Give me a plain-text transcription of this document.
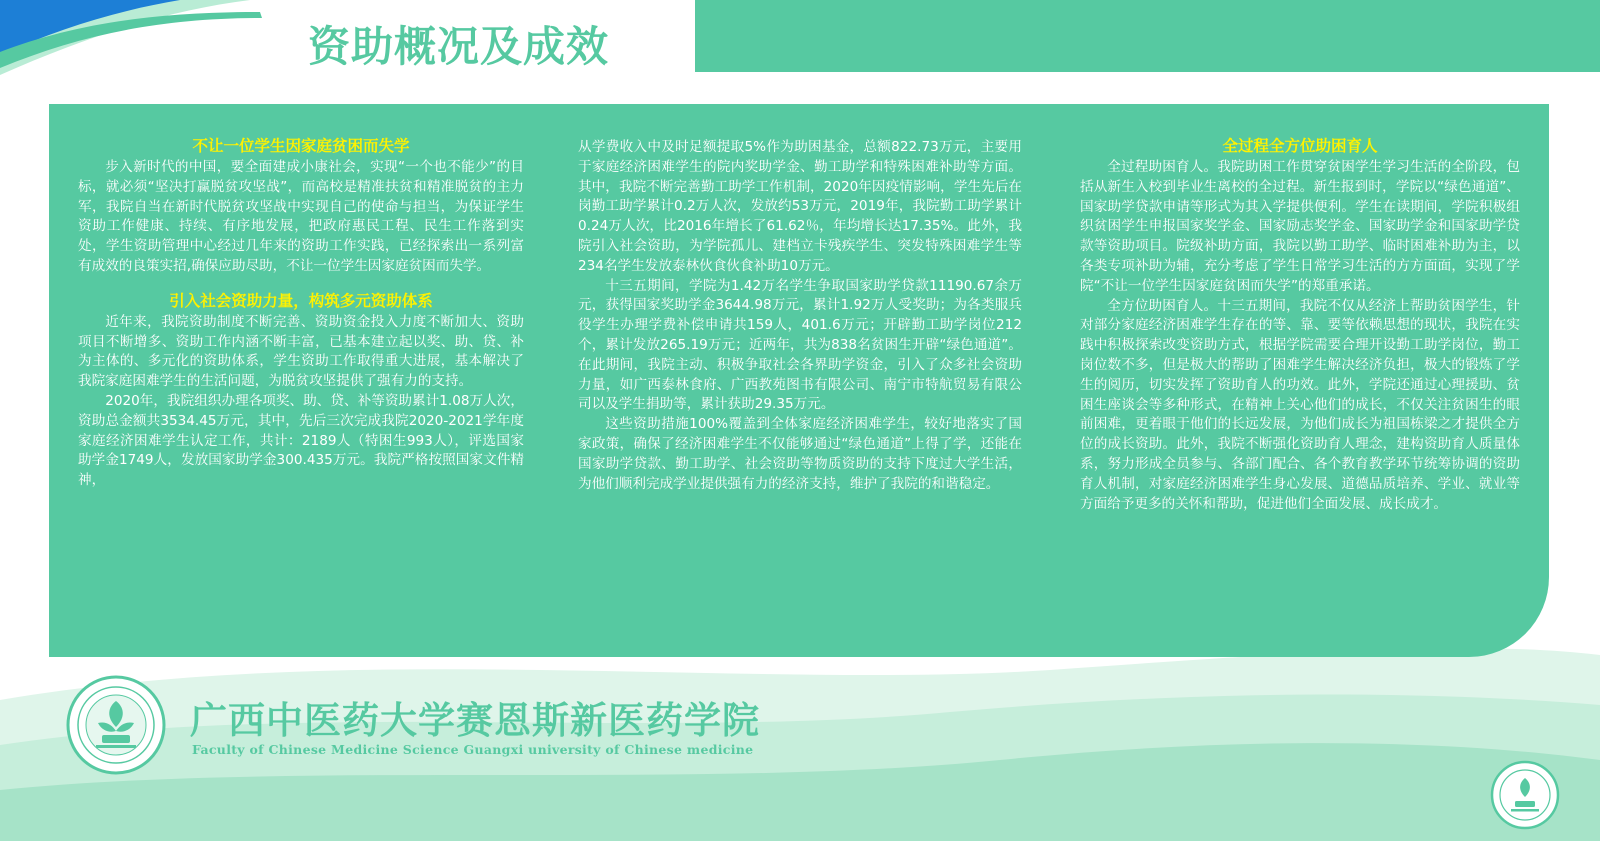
资助概况及成效
不让一位学生因家庭贫困而失学

步入新时代的中国，要全面建成小康社会，实现“一个也不能少”的目标，就必须“坚决打赢脱贫攻坚战”，而高校是精准扶贫和精准脱贫的主力军，我院自当在新时代脱贫攻坚战中实现自己的使命与担当，为保证学生资助工作健康、持续、有序地发展，把政府惠民工程、民生工作落到实处，学生资助管理中心经过几年来的资助工作实践，已经探索出一系列富有成效的良策实招,确保应助尽助，不让一位学生因家庭贫困而失学。

引入社会资助力量，构筑多元资助体系

近年来，我院资助制度不断完善、资助资金投入力度不断加大、资助项目不断增多、资助工作内涵不断丰富，已基本建立起以奖、助、贷、补为主体的、多元化的资助体系，学生资助工作取得重大进展，基本解决了我院家庭困难学生的生活问题，为脱贫攻坚提供了强有力的支持。

2020年，我院组织办理各项奖、助、贷、补等资助累计1.08万人次，资助总金额共3534.45万元，其中，先后三次完成我院2020-2021学年度家庭经济困难学生认定工作，共计：2189人（特困生993人），评选国家助学金1749人，发放国家助学金300.435万元。我院严格按照国家文件精神，

从学费收入中及时足额提取5%作为助困基金，总额822.73万元，主要用于家庭经济困难学生的院内奖助学金、勤工助学和特殊困难补助等方面。其中，我院不断完善勤工助学工作机制，2020年因疫情影响，学生先后在岗勤工助学累计0.2万人次，发放约53万元，2019年，我院勤工助学累计0.24万人次，比2016年增长了61.62％，年均增长达17.35%。此外，我院引入社会资助，为学院孤儿、建档立卡残疾学生、突发特殊困难学生等234名学生发放泰林伙食伙食补助10万元。

十三五期间，学院为1.42万名学生争取国家助学贷款11190.67余万元，获得国家奖助学金3644.98万元，累计1.92万人受奖助；为各类服兵役学生办理学费补偿申请共159人，401.6万元；开辟勤工助学岗位212个，累计发放265.19万元；近两年，共为838名贫困生开辟“绿色通道”。在此期间，我院主动、积极争取社会各界助学资金，引入了众多社会资助力量，如广西泰林食府、广西教苑图书有限公司、南宁市特航贸易有限公司以及学生捐助等，累计获助29.35万元。

这些资助措施100%覆盖到全体家庭经济困难学生，较好地落实了国家政策，确保了经济困难学生不仅能够通过“绿色通道”上得了学，还能在国家助学贷款、勤工助学、社会资助等物质资助的支持下度过大学生活，为他们顺利完成学业提供强有力的经济支持，维护了我院的和谐稳定。

全过程全方位助困育人

全过程助困育人。我院助困工作贯穿贫困学生学习生活的全阶段，包括从新生入校到毕业生离校的全过程。新生报到时，学院以“绿色通道”、国家助学贷款申请等形式为其入学提供便利。学生在读期间，学院积极组织贫困学生申报国家奖学金、国家励志奖学金、国家助学金和国家助学贷款等资助项目。院级补助方面，我院以勤工助学、临时困难补助为主，以各类专项补助为辅，充分考虑了学生日常学习生活的方方面面，实现了学院“不让一位学生因家庭贫困而失学”的郑重承诺。

全方位助困育人。十三五期间，我院不仅从经济上帮助贫困学生，针对部分家庭经济困难学生存在的等、靠、要等依赖思想的现状，我院在实践中积极探索改变资助方式，根据学院需要合理开设勤工助学岗位，勤工岗位数不多，但是极大的帮助了困难学生解决经济负担，极大的锻炼了学生的阅历，切实发挥了资助育人的功效。此外，学院还通过心理援助、贫困生座谈会等多种形式，在精神上关心他们的成长，不仅关注贫困生的眼前困难，更着眼于他们的长远发展，为他们成长为祖国栋梁之才提供全方位的成长资助。此外，我院不断强化资助育人理念，建构资助育人质量体系，努力形成全员参与、各部门配合、各个教育教学环节统筹协调的资助育人机制，对家庭经济困难学生身心发展、道德品质培养、学业、就业等方面给予更多的关怀和帮助，促进他们全面发展、成长成才。

广西中医药大学赛恩斯新医药学院
Faculty of Chinese Medicine Science Guangxi university of Chinese medicine
